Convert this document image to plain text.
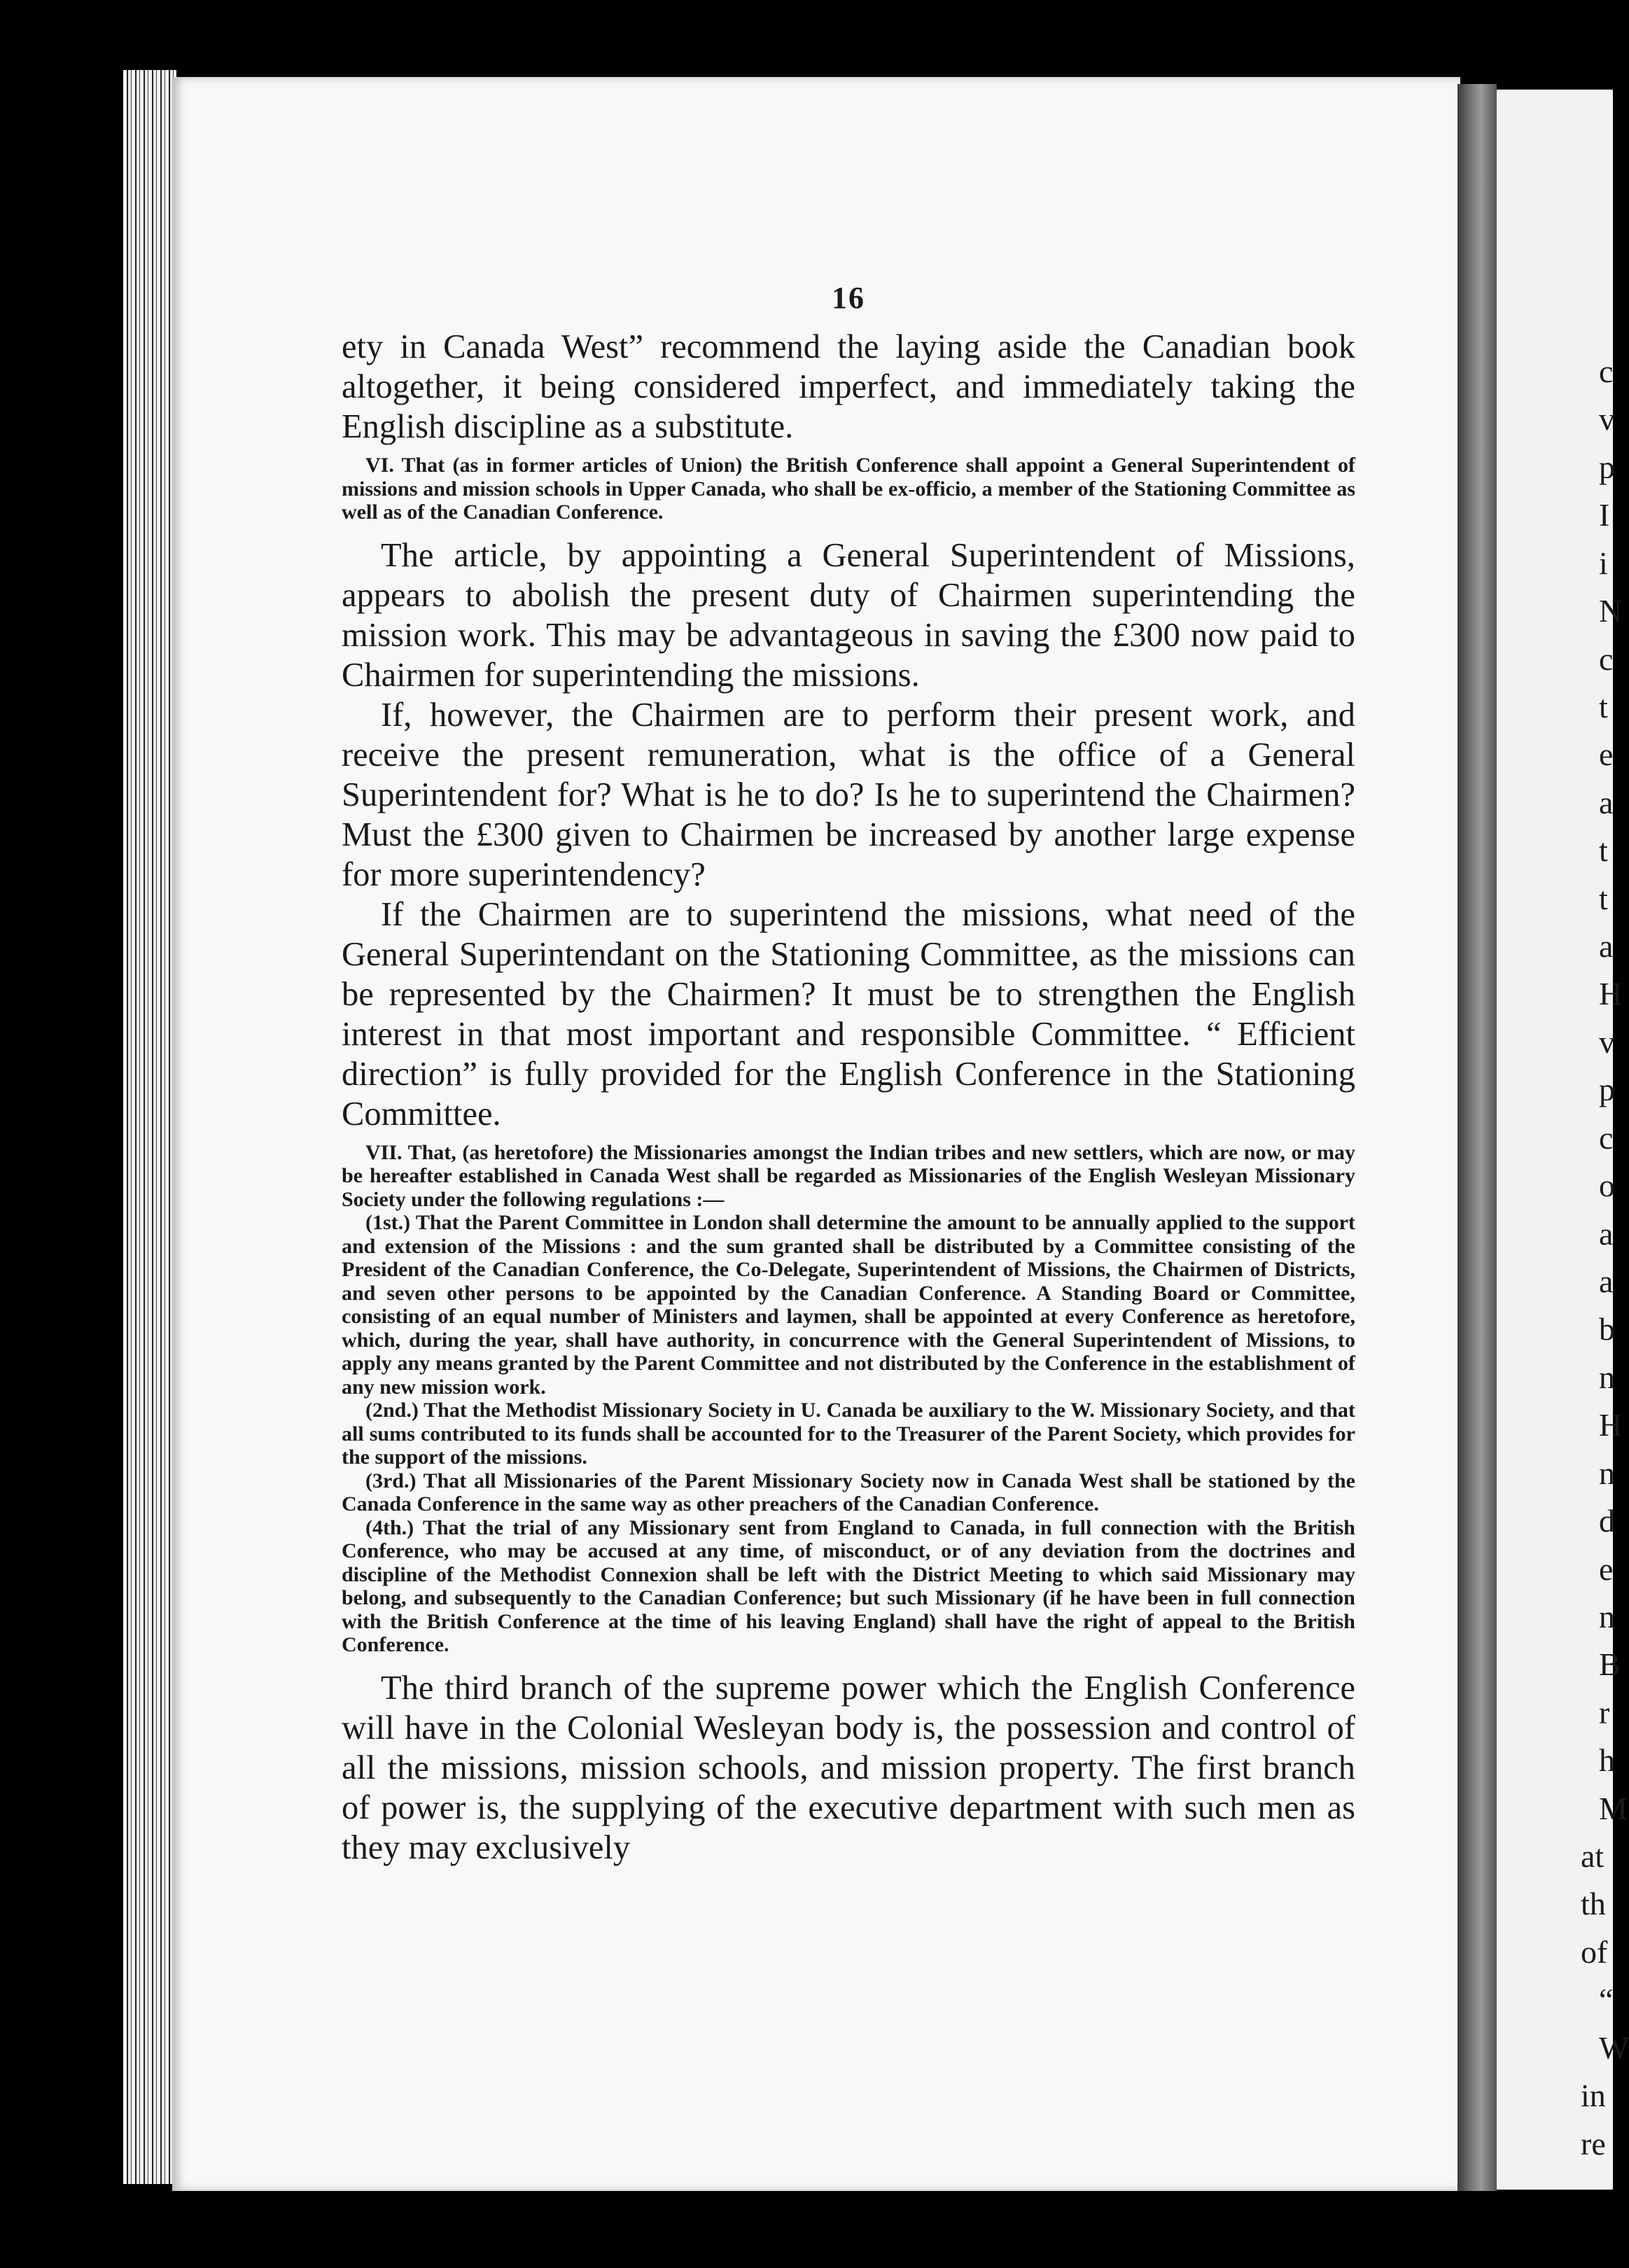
c
v
p
I
i
N
c
t
e
a
t
t
a
H
v
p
c
o
a
a
b
n
H
n
d
e
n
B
r
h
M
at
th
of
“
W
in
re
16

ety in Canada West” recommend the laying aside the Canadian book altogether, it being considered imperfect, and immediately taking the English discipline as a substitute.

VI. That (as in former articles of Union) the British Conference shall appoint a General Superintendent of missions and mission schools in Upper Canada, who shall be ex-officio, a member of the Stationing Committee as well as of the Canadian Conference.

The article, by appointing a General Superintendent of Missions, appears to abolish the present duty of Chairmen superintending the mission work. This may be advantageous in saving the £300 now paid to Chairmen for superintending the missions.

If, however, the Chairmen are to perform their present work, and receive the present remuneration, what is the office of a General Superintendent for? What is he to do? Is he to superintend the Chairmen? Must the £300 given to Chairmen be increased by another large expense for more superintendency?

If the Chairmen are to superintend the missions, what need of the General Superintendant on the Stationing Committee, as the missions can be represented by the Chairmen? It must be to strengthen the English interest in that most important and responsible Committee. “ Efficient direction” is fully provided for the English Conference in the Stationing Committee.

VII. That, (as heretofore) the Missionaries amongst the Indian tribes and new settlers, which are now, or may be hereafter established in Canada West shall be regarded as Missionaries of the English Wesleyan Missionary Society under the following regulations :—

(1st.) That the Parent Committee in London shall determine the amount to be annually applied to the support and extension of the Missions : and the sum granted shall be distributed by a Committee consisting of the President of the Canadian Conference, the Co-Delegate, Superintendent of Missions, the Chairmen of Districts, and seven other persons to be appointed by the Canadian Conference. A Standing Board or Committee, consisting of an equal number of Ministers and laymen, shall be appointed at every Conference as heretofore, which, during the year, shall have authority, in concurrence with the General Superintendent of Missions, to apply any means granted by the Parent Committee and not distributed by the Conference in the establishment of any new mission work.

(2nd.) That the Methodist Missionary Society in U. Canada be auxiliary to the W. Missionary Society, and that all sums contributed to its funds shall be accounted for to the Treasurer of the Parent Society, which provides for the support of the missions.

(3rd.) That all Missionaries of the Parent Missionary Society now in Canada West shall be stationed by the Canada Conference in the same way as other preachers of the Canadian Conference.

(4th.) That the trial of any Missionary sent from England to Canada, in full connection with the British Conference, who may be accused at any time, of misconduct, or of any deviation from the doctrines and discipline of the Methodist Connexion shall be left with the District Meeting to which said Missionary may belong, and subsequently to the Canadian Conference; but such Missionary (if he have been in full connection with the British Conference at the time of his leaving England) shall have the right of appeal to the British Conference.

The third branch of the supreme power which the English Conference will have in the Colonial Wesleyan body is, the possession and control of all the missions, mission schools, and mission property. The first branch of power is, the supplying of the executive department with such men as they may exclusively
